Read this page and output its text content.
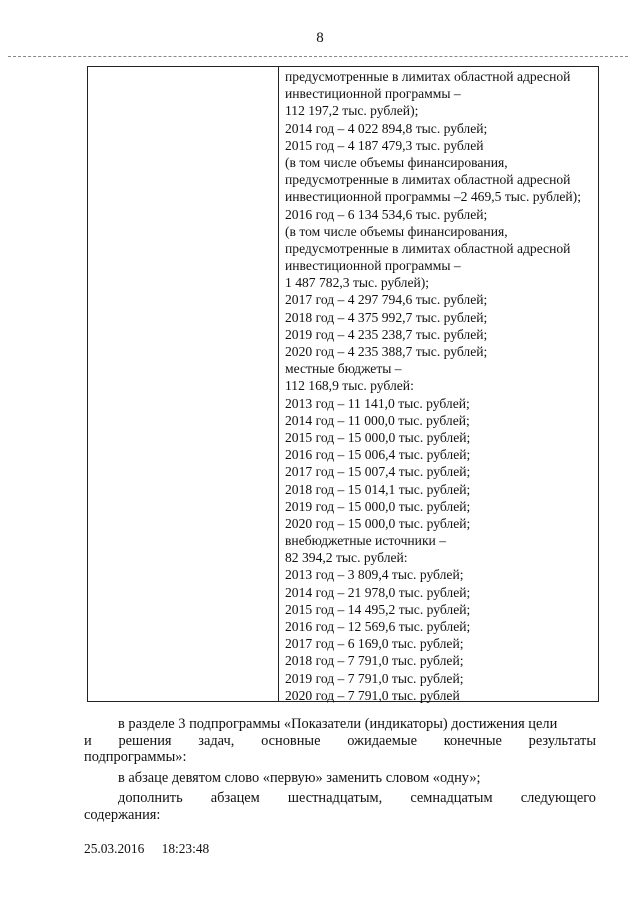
8
предусмотренные в лимитах областной адресной
инвестиционной программы –
112 197,2 тыс. рублей);
2014 год – 4 022 894,8 тыс. рублей;
2015 год – 4 187 479,3 тыс. рублей
(в том числе объемы финансирования,
предусмотренные в лимитах областной адресной
инвестиционной программы –2 469,5 тыс. рублей);
2016 год – 6 134 534,6 тыс. рублей;
(в том числе объемы финансирования,
предусмотренные в лимитах областной адресной
инвестиционной программы –
1 487 782,3 тыс. рублей);
2017 год – 4 297 794,6 тыс. рублей;
2018 год – 4 375 992,7 тыс. рублей;
2019 год – 4 235 238,7 тыс. рублей;
2020 год – 4 235 388,7 тыс. рублей;
местные бюджеты –
112 168,9 тыс. рублей:
2013 год – 11 141,0 тыс. рублей;
2014 год – 11 000,0 тыс. рублей;
2015 год – 15 000,0 тыс. рублей;
2016 год – 15 006,4 тыс. рублей;
2017 год – 15 007,4 тыс. рублей;
2018 год – 15 014,1 тыс. рублей;
2019 год – 15 000,0 тыс. рублей;
2020 год – 15 000,0 тыс. рублей;
внебюджетные источники –
82 394,2 тыс. рублей:
2013 год – 3 809,4 тыс. рублей;
2014 год – 21 978,0 тыс. рублей;
2015 год – 14 495,2 тыс. рублей;
2016 год – 12 569,6 тыс. рублей;
2017 год – 6 169,0 тыс. рублей;
2018 год – 7 791,0 тыс. рублей;
2019 год – 7 791,0 тыс. рублей;
2020 год – 7 791,0 тыс. рублей

в разделе 3 подпрограммы «Показатели (индикаторы) достижения цели

и решения задач, основные ожидаемые конечные результаты
подпрограммы»:

в абзаце девятом слово «первую» заменить словом «одну»;

дополнить абзацем шестнадцатым, семнадцатым следующего
содержания:
25.03.2016 18:23:48
